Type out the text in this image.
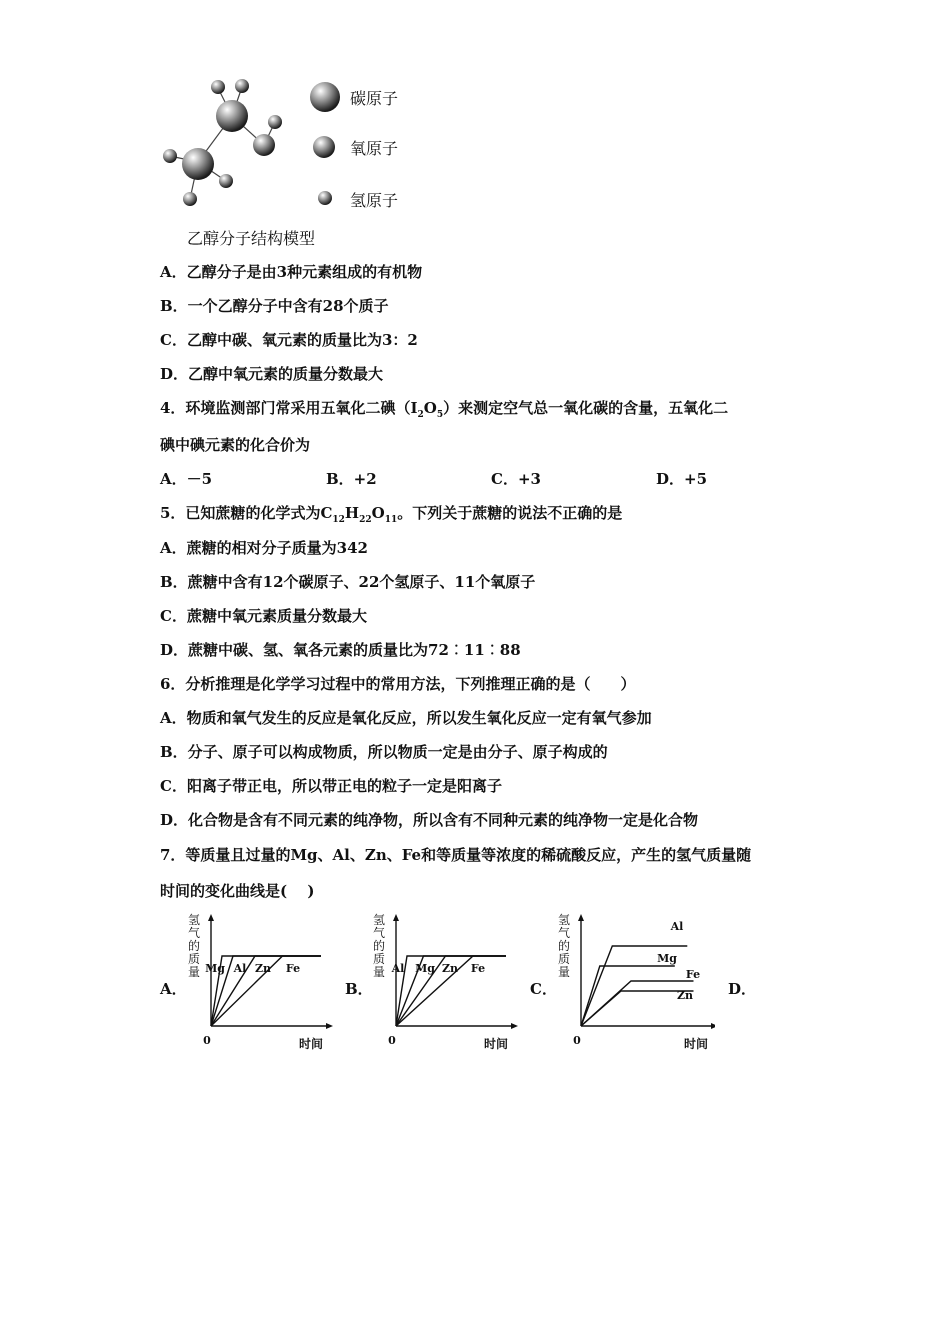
碳原子
氧原子
氢原子
乙醇分子结构模型
A．乙醇分子是由3种元素组成的有机物
B．一个乙醇分子中含有28个质子
C．乙醇中碳、氧元素的质量比为3：2
D．乙醇中氧元素的质量分数最大
4．环境监测部门常采用五氧化二碘$(I_2O_5)$来测定空气总一氧化碳的含量，五氧化二
碘中碘元素的化合价为
A．－5	B．+2	C．+3	D．+5
5．已知蔗糖的化学式为$C_{12}H_{22}O_{11}$。下列关于蔗糖的说法不正确的是
A．蔗糖的相对分子质量为342
B．蔗糖中含有12个碳原子、22个氢原子、11个氧原子
C．蔗糖中氧元素质量分数最大
D．蔗糖中碳、氢、氧各元素的质量比为72︰11︰88
6．分析推理是化学学习过程中的常用方法，下列推理正确的是（　　）
A．物质和氧气发生的反应是氧化反应，所以发生氧化反应一定有氧气参加
B．分子、原子可以构成物质，所以物质一定是由分子、原子构成的
C．阳离子带正电，所以带正电的粒子一定是阳离子
D．化合物是含有不同元素的纯净物，所以含有不同种元素的纯净物一定是化合物
7．等质量且过量的Mg、Al、Zn、Fe和等质量等浓度的稀硫酸反应，产生的氢气质量随
时间的变化曲线是(　 )
A．	B．	C．	D．
氢
气
的
质
量
0	时间
Mg Al Zn Fe
氢
气
的
质
量
0	时间
Al Mg Zn Fe
氢
气
的
质
量
0	时间
Al
Mg
Fe
Zn
